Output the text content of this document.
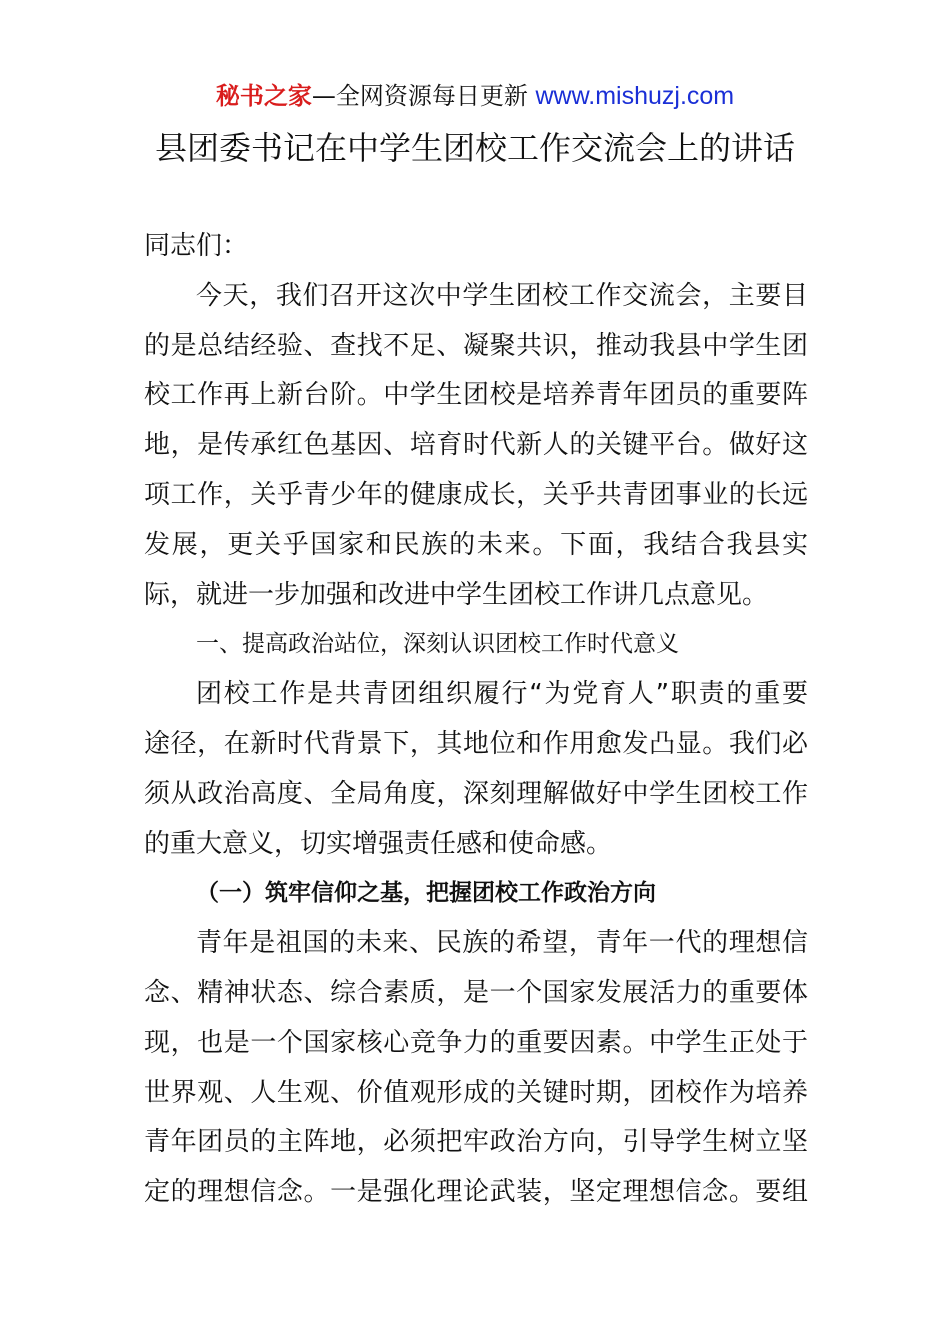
秘书之家—全网资源每日更新 www.mishuzj.com
县团委书记在中学生团校工作交流会上的讲话
同志们：
今天，我们召开这次中学生团校工作交流会，主要目
的是总结经验、查找不足、凝聚共识，推动我县中学生团
校工作再上新台阶。中学生团校是培养青年团员的重要阵
地，是传承红色基因、培育时代新人的关键平台。做好这
项工作，关乎青少年的健康成长，关乎共青团事业的长远
发展，更关乎国家和民族的未来。下面，我结合我县实
际，就进一步加强和改进中学生团校工作讲几点意见。
一、提高政治站位，深刻认识团校工作时代意义
团校工作是共青团组织履行“为党育人”职责的重要
途径，在新时代背景下，其地位和作用愈发凸显。我们必
须从政治高度、全局角度，深刻理解做好中学生团校工作
的重大意义，切实增强责任感和使命感。
（一）筑牢信仰之基，把握团校工作政治方向
青年是祖国的未来、民族的希望，青年一代的理想信
念、精神状态、综合素质，是一个国家发展活力的重要体
现，也是一个国家核心竞争力的重要因素。中学生正处于
世界观、人生观、价值观形成的关键时期，团校作为培养
青年团员的主阵地，必须把牢政治方向，引导学生树立坚
定的理想信念。一是强化理论武装，坚定理想信念。要组
